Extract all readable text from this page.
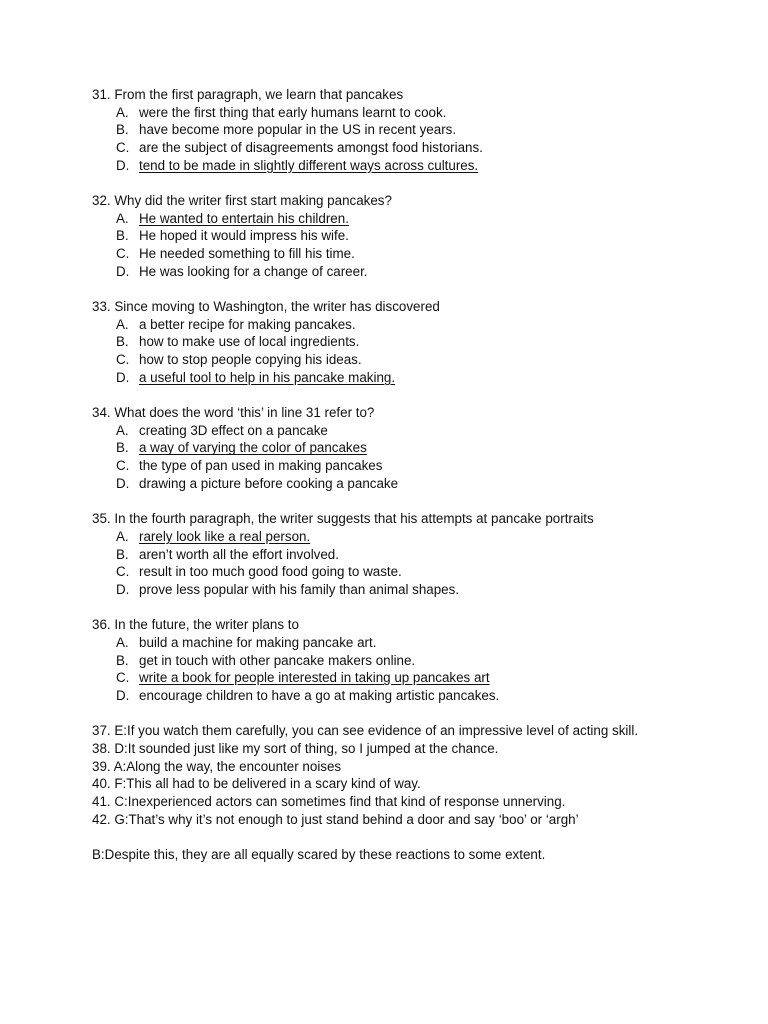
31. From the first paragraph, we learn that pancakes
A. were the first thing that early humans learnt to cook.
B. have become more popular in the US in recent years.
C. are the subject of disagreements amongst food historians.
D. tend to be made in slightly different ways across cultures.
32. Why did the writer first start making pancakes?
A. He wanted to entertain his children.
B. He hoped it would impress his wife.
C. He needed something to fill his time.
D. He was looking for a change of career.
33. Since moving to Washington, the writer has discovered
A. a better recipe for making pancakes.
B. how to make use of local ingredients.
C. how to stop people copying his ideas.
D. a useful tool to help in his pancake making.
34. What does the word ‘this’ in line 31 refer to?
A. creating 3D effect on a pancake
B. a way of varying the color of pancakes
C. the type of pan used in making pancakes
D. drawing a picture before cooking a pancake
35. In the fourth paragraph, the writer suggests that his attempts at pancake portraits
A. rarely look like a real person.
B. aren’t worth all the effort involved.
C. result in too much good food going to waste.
D. prove less popular with his family than animal shapes.
36. In the future, the writer plans to
A. build a machine for making pancake art.
B. get in touch with other pancake makers online.
C. write a book for people interested in taking up pancakes art
D. encourage children to have a go at making artistic pancakes.
37. E:If you watch them carefully, you can see evidence of an impressive level of acting skill.
38. D:It sounded just like my sort of thing, so I jumped at the chance.
39. A:Along the way, the encounter noises
40. F:This all had to be delivered in a scary kind of way.
41. C:Inexperienced actors can sometimes find that kind of response unnerving.
42. G:That’s why it’s not enough to just stand behind a door and say ‘boo’ or ‘argh’
B:Despite this, they are all equally scared by these reactions to some extent.
